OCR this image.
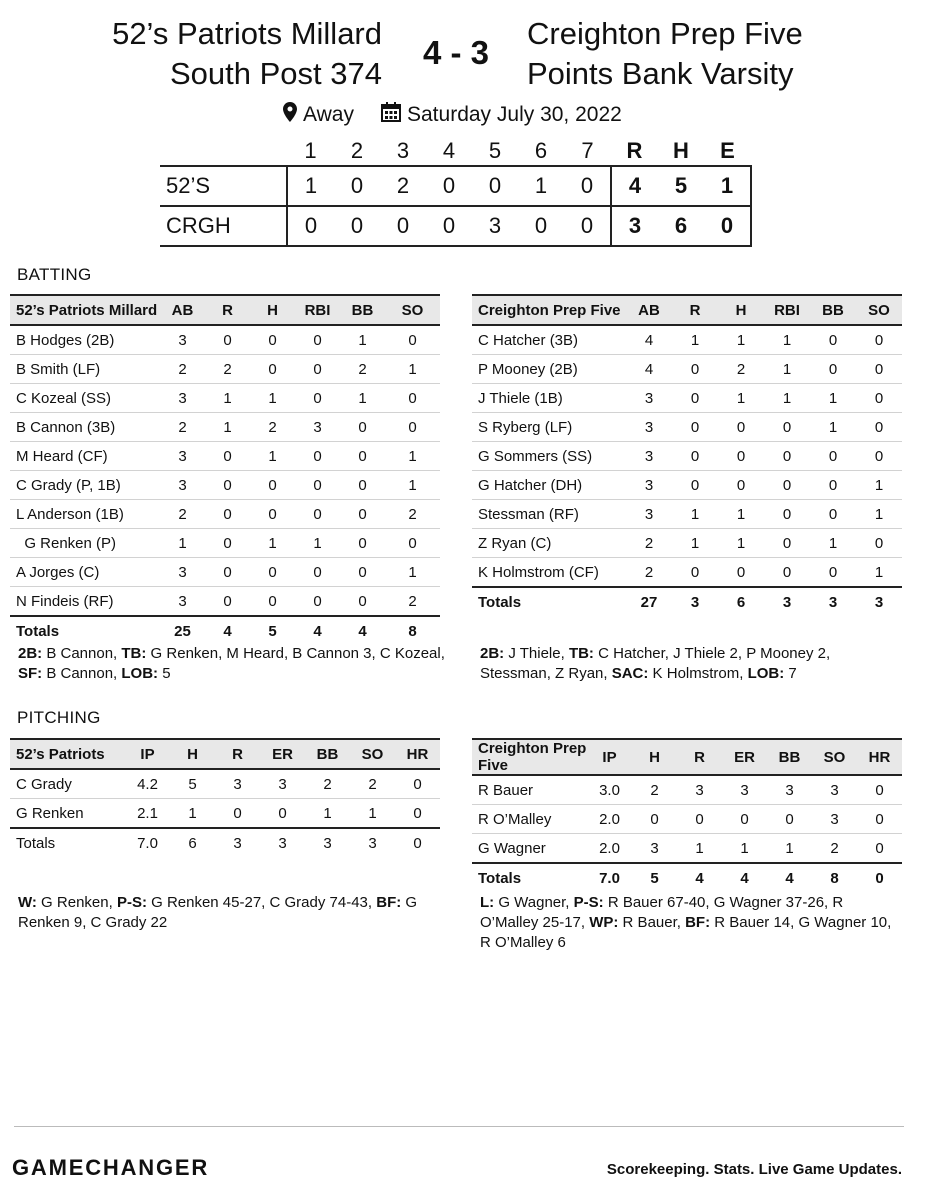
52’s Patriots Millard
South Post 374
4 - 3
Creighton Prep Five
Points Bank Varsity
Away	Saturday July 30, 2022
	1	2	3	4	5	6	7	R	H	E
52’S	1	0	2	0	0	1	0	4	5	1
CRGH	0	0	0	0	3	0	0	3	6	0
BATTING
52’s Patriots Millard	AB	R	H	RBI	BB	SO
B Hodges (2B)	3	0	0	0	1	0
B Smith (LF)	2	2	0	0	2	1
C Kozeal (SS)	3	1	1	0	1	0
B Cannon (3B)	2	1	2	3	0	0
M Heard (CF)	3	0	1	0	0	1
C Grady (P, 1B)	3	0	0	0	0	1
L Anderson (1B)	2	0	0	0	0	2
G Renken (P)	1	0	1	1	0	0
A Jorges (C)	3	0	0	0	0	1
N Findeis (RF)	3	0	0	0	0	2
Totals	25	4	5	4	4	8
Creighton Prep Five	AB	R	H	RBI	BB	SO
C Hatcher (3B)	4	1	1	1	0	0
P Mooney (2B)	4	0	2	1	0	0
J Thiele (1B)	3	0	1	1	1	0
S Ryberg (LF)	3	0	0	0	1	0
G Sommers (SS)	3	0	0	0	0	0
G Hatcher (DH)	3	0	0	0	0	1
Stessman (RF)	3	1	1	0	0	1
Z Ryan (C)	2	1	1	0	1	0
K Holmstrom (CF)	2	0	0	0	0	1
Totals	27	3	6	3	3	3
2B: B Cannon, TB: G Renken, M Heard, B Cannon 3, C Kozeal, SF: B Cannon, LOB: 5
2B: J Thiele, TB: C Hatcher, J Thiele 2, P Mooney 2, Stessman, Z Ryan, SAC: K Holmstrom, LOB: 7
PITCHING
52’s Patriots	IP	H	R	ER	BB	SO	HR
C Grady	4.2	5	3	3	2	2	0
G Renken	2.1	1	0	0	1	1	0
Totals	7.0	6	3	3	3	3	0
Creighton Prep Five	IP	H	R	ER	BB	SO	HR
R Bauer	3.0	2	3	3	3	3	0
R O’Malley	2.0	0	0	0	0	3	0
G Wagner	2.0	3	1	1	1	2	0
Totals	7.0	5	4	4	4	8	0
W: G Renken, P-S: G Renken 45-27, C Grady 74-43, BF: G Renken 9, C Grady 22
L: G Wagner, P-S: R Bauer 67-40, G Wagner 37-26, R O’Malley 25-17, WP: R Bauer, BF: R Bauer 14, G Wagner 10, R O’Malley 6
GAMECHANGER	Scorekeeping. Stats. Live Game Updates.
